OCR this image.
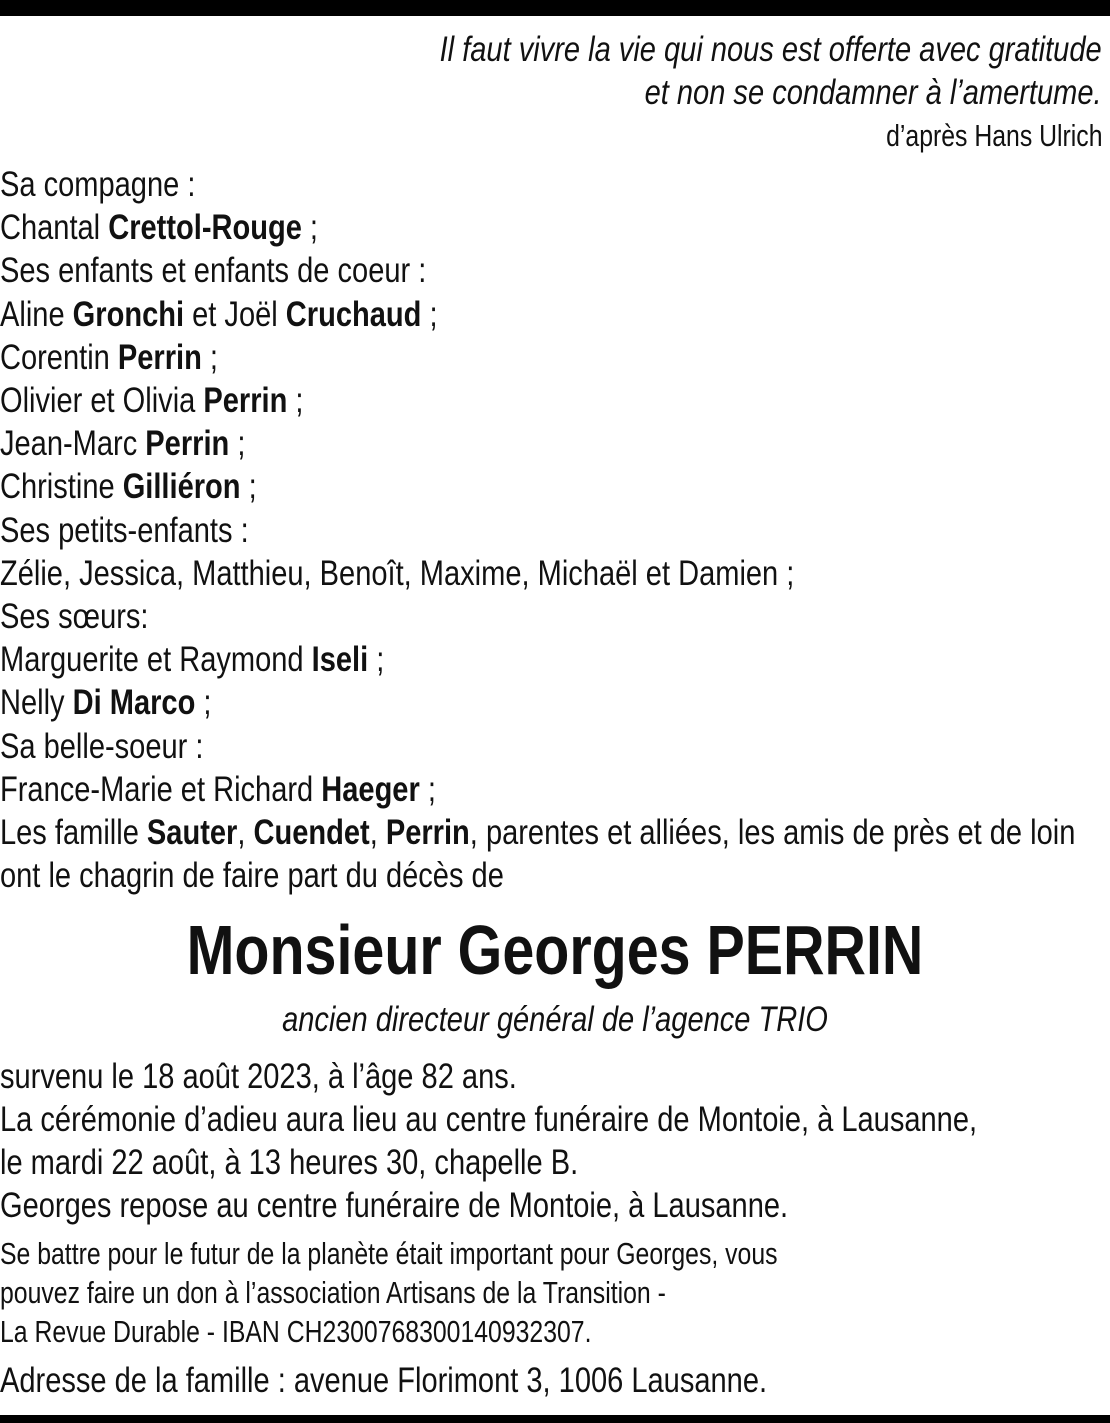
Il faut vivre la vie qui nous est offerte avec gratitude
et non se condamner à l’amertume.
d’après Hans Ulrich
Sa compagne :
Chantal Crettol-Rouge ;
Ses enfants et enfants de coeur :
Aline Gronchi et Joël Cruchaud ;
Corentin Perrin ;
Olivier et Olivia Perrin ;
Jean-Marc Perrin ;
Christine Gilliéron ;
Ses petits-enfants :
Zélie, Jessica, Matthieu, Benoît, Maxime, Michaël et Damien ;
Ses sœurs:
Marguerite et Raymond Iseli ;
Nelly Di Marco ;
Sa belle-soeur :
France-Marie et Richard Haeger ;
Les famille Sauter, Cuendet, Perrin, parentes et alliées, les amis de près et de loin
ont le chagrin de faire part du décès de
Monsieur Georges PERRIN
ancien directeur général de l’agence TRIO
survenu le 18 août 2023, à l’âge 82 ans.
La cérémonie d’adieu aura lieu au centre funéraire de Montoie, à Lausanne,
le mardi 22 août, à 13 heures 30, chapelle B.
Georges repose au centre funéraire de Montoie, à Lausanne.
Se battre pour le futur de la planète était important pour Georges, vous
pouvez faire un don à l’association Artisans de la Transition -
La Revue Durable - IBAN CH2300768300140932307.
Adresse de la famille : avenue Florimont 3, 1006 Lausanne.
